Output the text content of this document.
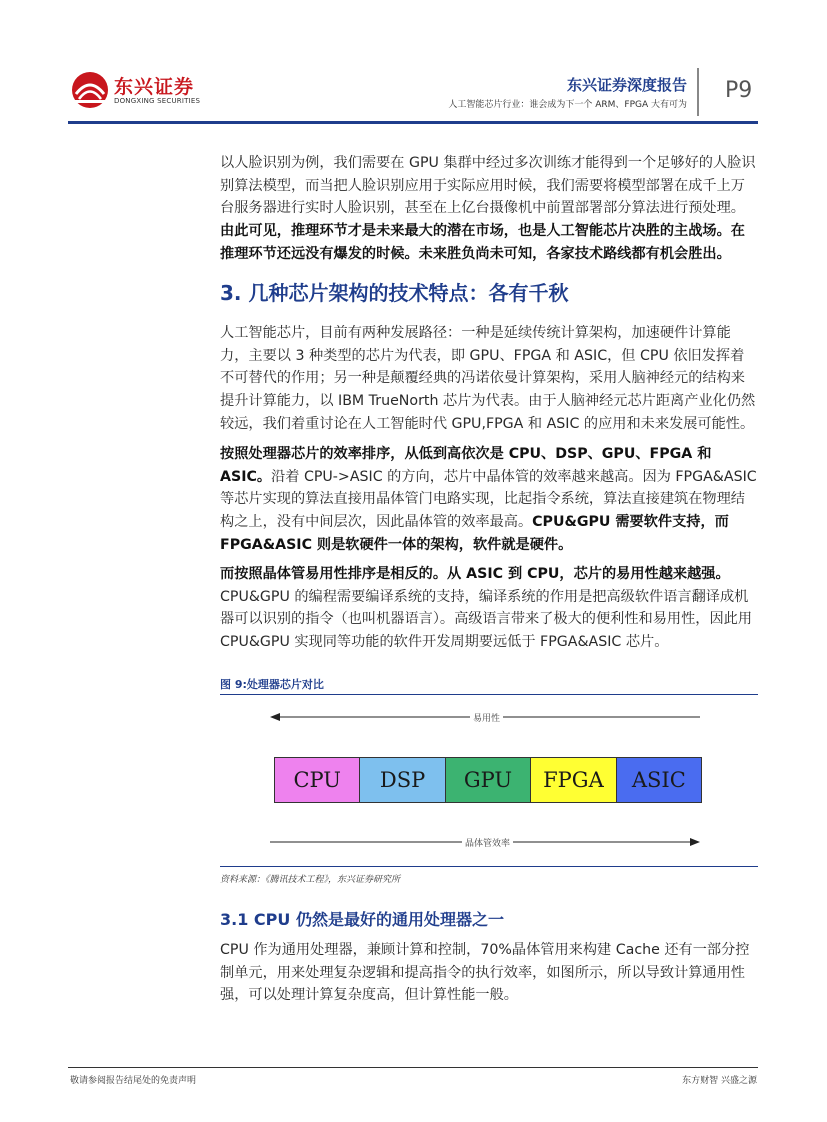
东兴证券
DONGXING SECURITIES
东兴证券深度报告
人工智能芯片行业：谁会成为下一个 ARM、FPGA 大有可为
P9

以人脸识别为例，我们需要在 GPU 集群中经过多次训练才能得到一个足够好的人脸识别算法模型，而当把人脸识别应用于实际应用时候，我们需要将模型部署在成千上万台服务器进行实时人脸识别，甚至在上亿台摄像机中前置部署部分算法进行预处理。由此可见，推理环节才是未来最大的潜在市场，也是人工智能芯片决胜的主战场。在推理环节还远没有爆发的时候。未来胜负尚未可知，各家技术路线都有机会胜出。

3. 几种芯片架构的技术特点：各有千秋

人工智能芯片，目前有两种发展路径：一种是延续传统计算架构，加速硬件计算能力，主要以 3 种类型的芯片为代表，即 GPU、FPGA 和 ASIC，但 CPU 依旧发挥着不可替代的作用；另一种是颠覆经典的冯诺依曼计算架构，采用人脑神经元的结构来提升计算能力，以 IBM TrueNorth 芯片为代表。由于人脑神经元芯片距离产业化仍然较远，我们着重讨论在人工智能时代 GPU,FPGA 和 ASIC 的应用和未来发展可能性。

按照处理器芯片的效率排序，从低到高依次是 CPU、DSP、GPU、FPGA 和 ASIC。沿着 CPU->ASIC 的方向，芯片中晶体管的效率越来越高。因为 FPGA&ASIC 等芯片实现的算法直接用晶体管门电路实现，比起指令系统，算法直接建筑在物理结构之上，没有中间层次，因此晶体管的效率最高。CPU&GPU 需要软件支持，而 FPGA&ASIC 则是软硬件一体的架构，软件就是硬件。

而按照晶体管易用性排序是相反的。从 ASIC 到 CPU，芯片的易用性越来越强。CPU&GPU 的编程需要编译系统的支持，编译系统的作用是把高级软件语言翻译成机器可以识别的指令（也叫机器语言）。高级语言带来了极大的便利性和易用性，因此用 CPU&GPU 实现同等功能的软件开发周期要远低于 FPGA&ASIC 芯片。

图 9:处理器芯片对比
易用性
CPU	DSP	GPU	FPGA	ASIC
晶体管效率
资料来源：《腾讯技术工程》，东兴证券研究所
3.1 CPU 仍然是最好的通用处理器之一

CPU 作为通用处理器，兼顾计算和控制，70%晶体管用来构建 Cache 还有一部分控制单元，用来处理复杂逻辑和提高指令的执行效率，如图所示，所以导致计算通用性强，可以处理计算复杂度高，但计算性能一般。

敬请参阅报告结尾处的免责声明	东方财智 兴盛之源
